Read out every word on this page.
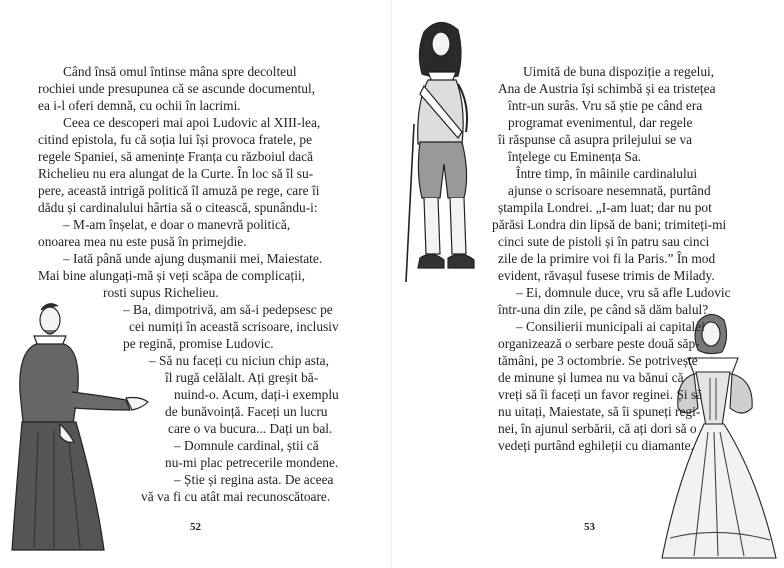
52
Când însă omul întinse mâna spre decolteul
rochiei unde presupunea că se ascunde documentul,
ea i-l oferi demnă, cu ochii în lacrimi.
Ceea ce descoperi mai apoi Ludovic al XIII-lea,
citind epistola, fu că soția lui își provoca fratele, pe
regele Spaniei, să amenințe Franța cu războiul dacă
Richelieu nu era alungat de la Curte. În loc să îl su-
pere, această intrigă politică îl amuză pe rege, care îi
dădu și cardinalului hârtia să o citească, spunându-i:
– M-am înșelat, e doar o manevră politică,
onoarea mea nu este pusă în primejdie.
– Iată până unde ajung dușmanii mei, Maiestate.
Mai bine alungați-mă și veți scăpa de complicații,
rosti supus Richelieu.
– Ba, dimpotrivă, am să-i pedepsesc pe
cei numiți în această scrisoare, inclusiv
pe regină, promise Ludovic.
– Să nu faceți cu niciun chip asta,
îl rugă celălalt. Ați greșit bă-
nuind-o. Acum, dați-i exemplu
de bunăvoință. Faceți un lucru
care o va bucura... Dați un bal.
– Domnule cardinal, știi că
nu-mi plac petrecerile mondene.
– Știe și regina asta. De aceea
vă va fi cu atât mai recunoscătoare.
53
Uimită de buna dispoziție a regelui,
Ana de Austria își schimbă și ea tristețea
într-un surâs. Vru să știe pe când era
programat evenimentul, dar regele
îi răspunse că asupra prilejului se va
înțelege cu Eminența Sa.
Între timp, în mâinile cardinalului
ajunse o scrisoare nesemnată, purtând
ștampila Londrei. „I-am luat; dar nu pot
părăsi Londra din lipsă de bani; trimiteți-mi
cinci sute de pistoli și în patru sau cinci
zile de la primire voi fi la Paris.” În mod
evident, răvașul fusese trimis de Milady.
– Ei, domnule duce, vru să afle Ludovic
într-una din zile, pe când să dăm balul?
– Consilierii municipali ai capitalei
organizează o serbare peste două săp-
tămâni, pe 3 octombrie. Se potrivește
de minune și lumea nu va bănui că
vreți să îi faceți un favor reginei. Și să
nu uitați, Maiestate, să îi spuneți regi-
nei, în ajunul serbării, că ați dori să o
vedeți purtând eghileții cu diamante.
